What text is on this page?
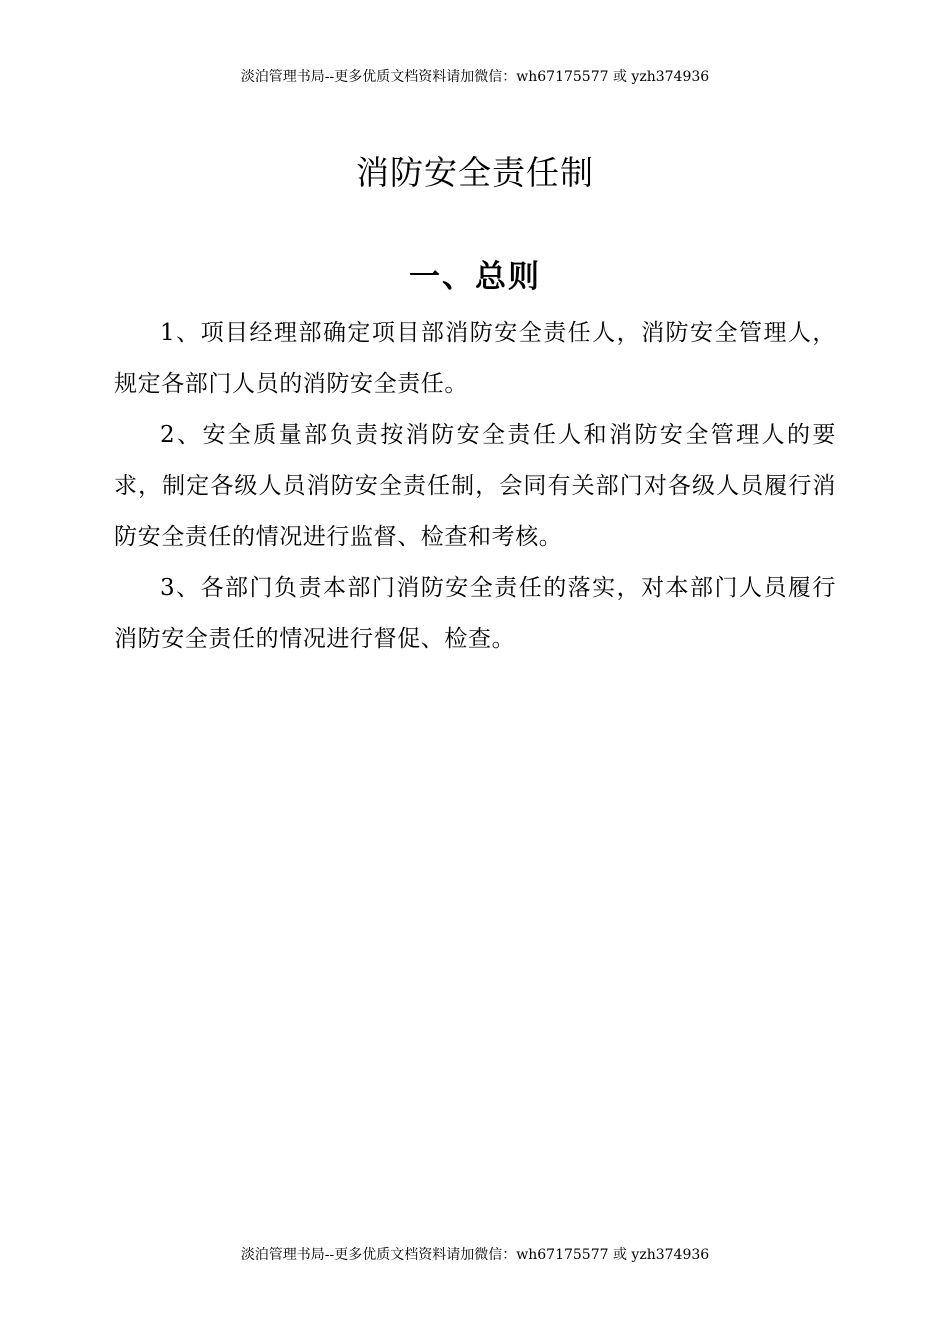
淡泊管理书局--更多优质文档资料请加微信：wh67175577 或 yzh374936
消防安全责任制
一、总则

1、项目经理部确定项目部消防安全责任人，消防安全管理人，规定各部门人员的消防安全责任。

2、安全质量部负责按消防安全责任人和消防安全管理人的要求，制定各级人员消防安全责任制，会同有关部门对各级人员履行消防安全责任的情况进行监督、检查和考核。

3、各部门负责本部门消防安全责任的落实，对本部门人员履行消防安全责任的情况进行督促、检查。

淡泊管理书局--更多优质文档资料请加微信：wh67175577 或 yzh374936
